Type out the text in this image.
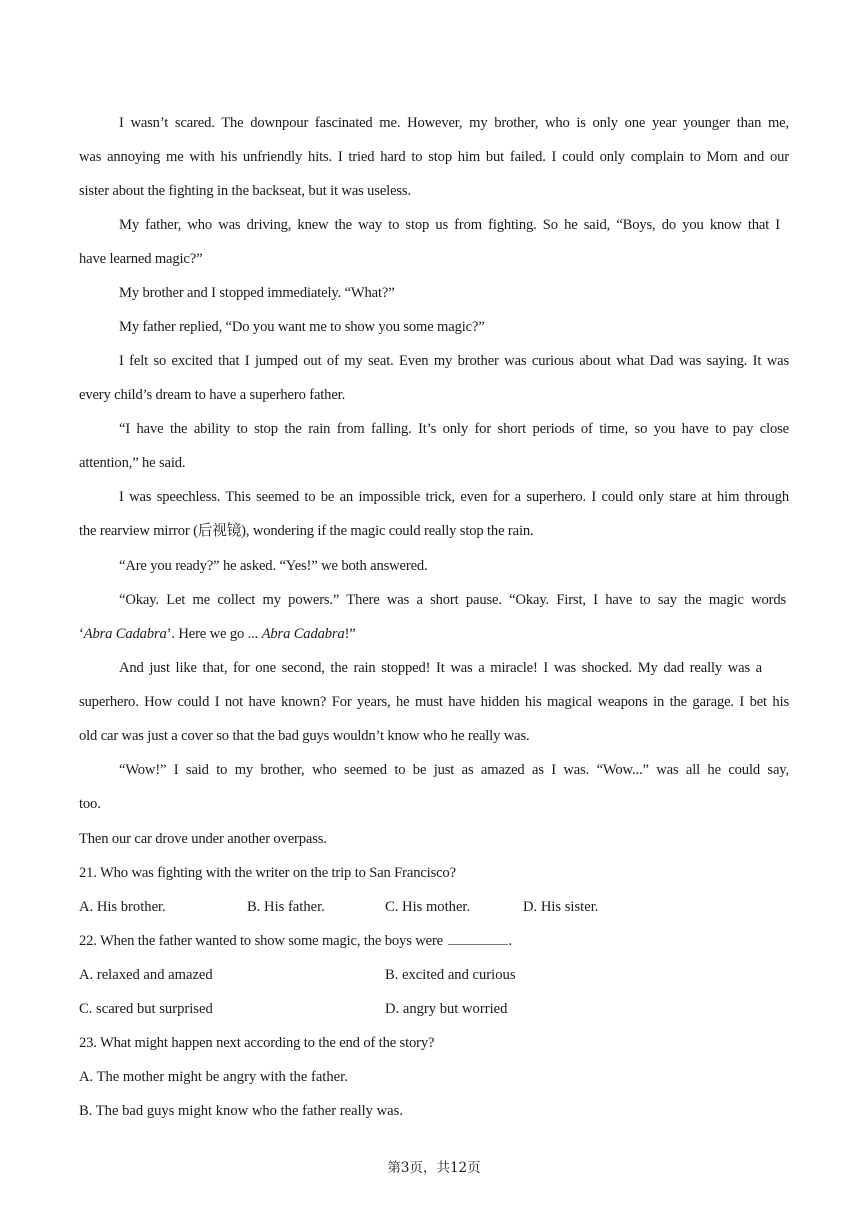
I wasn’t scared. The downpour fascinated me. However, my brother, who is only one year younger than me,
was annoying me with his unfriendly hits. I tried hard to stop him but failed. I could only complain to Mom and our
sister about the fighting in the backseat, but it was useless.
My father, who was driving, knew the way to stop us from fighting. So he said, “Boys, do you know that I
have learned magic?”
My brother and I stopped immediately. “What?”
My father replied, “Do you want me to show you some magic?”
I felt so excited that I jumped out of my seat. Even my brother was curious about what Dad was saying. It was
every child’s dream to have a superhero father.
“I have the ability to stop the rain from falling. It’s only for short periods of time, so you have to pay close
attention,” he said.
I was speechless. This seemed to be an impossible trick, even for a superhero. I could only stare at him through
the rearview mirror (后视镜), wondering if the magic could really stop the rain.
“Are you ready?” he asked. “Yes!” we both answered.
“Okay. Let me collect my powers.” There was a short pause. “Okay. First, I have to say the magic words
‘Abra Cadabra’. Here we go ... Abra Cadabra!”
And just like that, for one second, the rain stopped! It was a miracle! I was shocked. My dad really was a
superhero. How could I not have known? For years, he must have hidden his magical weapons in the garage. I bet his
old car was just a cover so that the bad guys wouldn’t know who he really was.
“Wow!” I said to my brother, who seemed to be just as amazed as I was. “Wow...” was all he could say,
too.
Then our car drove under another overpass.
21. Who was fighting with the writer on the trip to San Francisco?
A. His brother.	B. His father.	C. His mother.	D. His sister.
22. When the father wanted to show some magic, the boys were	.
A. relaxed and amazed	B. excited and curious
C. scared but surprised	D. angry but worried
23. What might happen next according to the end of the story?
A. The mother might be angry with the father.
B. The bad guys might know who the father really was.
第3页，共12页
